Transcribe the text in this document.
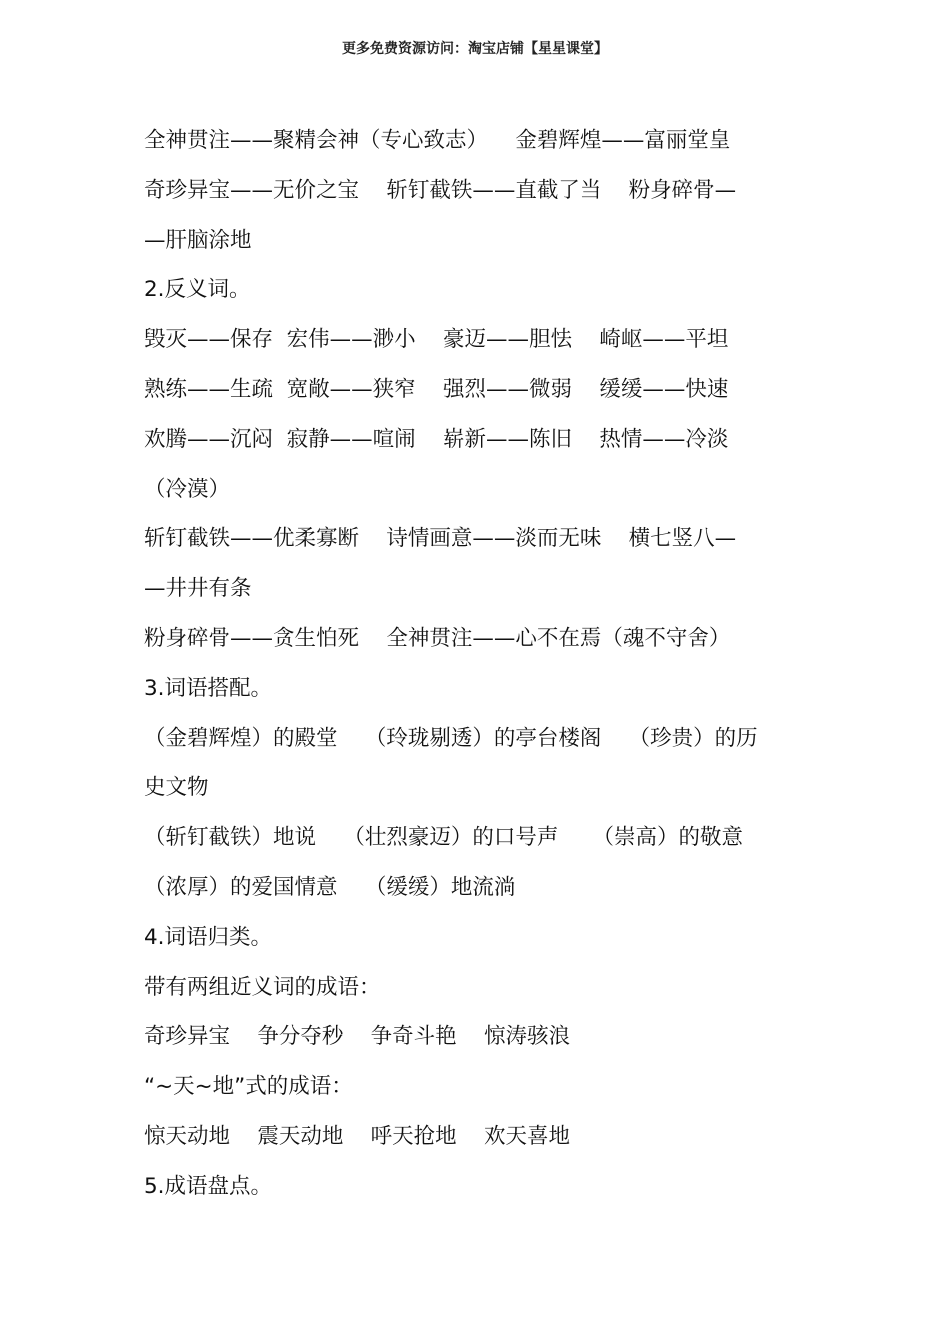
更多免费资源访问：淘宝店铺【星星课堂】
全神贯注——聚精会神（专心致志）    金碧辉煌——富丽堂皇
奇珍异宝——无价之宝    斩钉截铁——直截了当    粉身碎骨—
—肝脑涂地
2.反义词。
毁灭——保存  宏伟——渺小    豪迈——胆怯    崎岖——平坦
熟练——生疏  宽敞——狭窄    强烈——微弱    缓缓——快速
欢腾——沉闷  寂静——喧闹    崭新——陈旧    热情——冷淡
（冷漠）
斩钉截铁——优柔寡断    诗情画意——淡而无味    横七竖八—
—井井有条
粉身碎骨——贪生怕死    全神贯注——心不在焉（魂不守舍）
3.词语搭配。
（金碧辉煌）的殿堂    （玲珑剔透）的亭台楼阁    （珍贵）的历
史文物
（斩钉截铁）地说    （壮烈豪迈）的口号声     （崇高）的敬意
（浓厚）的爱国情意    （缓缓）地流淌
4.词语归类。
带有两组近义词的成语：
奇珍异宝    争分夺秒    争奇斗艳    惊涛骇浪
“~天~地”式的成语：
惊天动地    震天动地    呼天抢地    欢天喜地
5.成语盘点。
